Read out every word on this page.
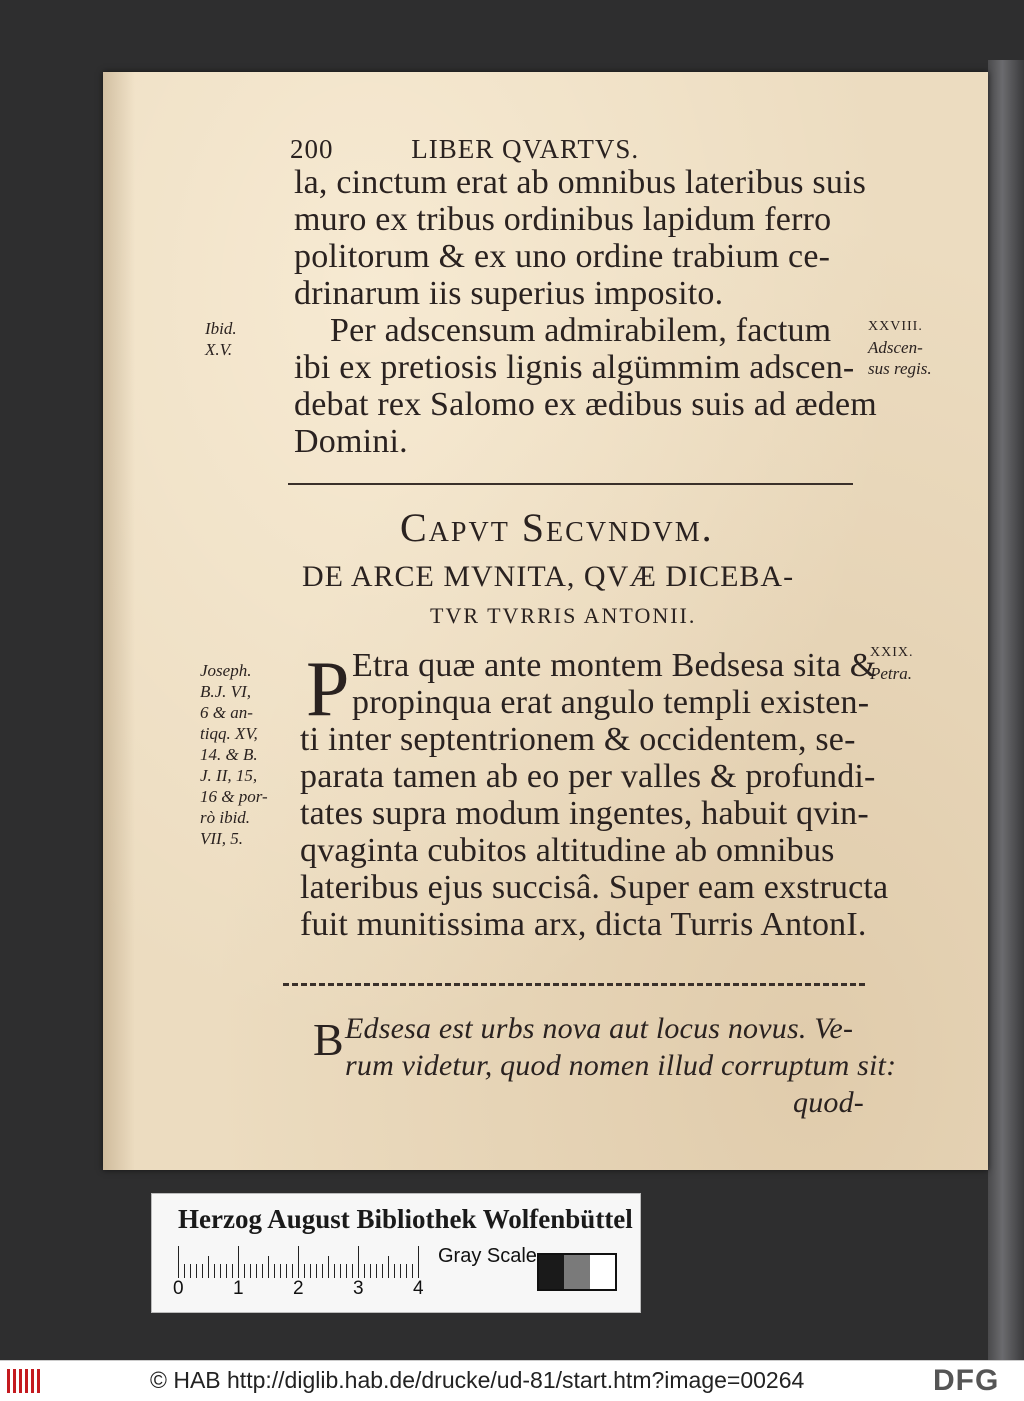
200	LIBER QVARTVS.
la, cinctum erat ab omnibus lateribus suis
muro ex tribus ordinibus lapidum ferro
politorum & ex uno ordine trabium ce-
drinarum iis superius imposito.
Per adscensum admirabilem, factum
ibi ex pretiosis lignis algümmim adscen-
debat rex Salomo ex ædibus suis ad ædem
Domini.
Ibid.
X.V.
XXVIII.
Adscen-
sus regis.
Capvt Secvndvm.
DE ARCE MVNITA, QVÆ DICEBA-
TVR TVRRIS ANTONII.
P Etra quæ ante montem Bedsesa sita &
propinqua erat angulo templi existen-
ti inter septentrionem & occidentem, se-
parata tamen ab eo per valles & profundi-
tates supra modum ingentes, habuit qvin-
qvaginta cubitos altitudine ab omnibus
lateribus ejus succisâ. Super eam exstructa
fuit munitissima arx, dicta Turris AntonI.
Joseph.
B.J. VI,
6 & an-
tiqq. XV,
14. & B.
J. II, 15,
16 & por-
rò ibid.
VII, 5.
XXIX.
Petra.
B Edsesa est urbs nova aut locus novus. Ve-
rum videtur, quod nomen illud corruptum sit:
quod-
Herzog August Bibliothek Wolfenbüttel
0	1	2	3	4
Gray Scale
© HAB http://diglib.hab.de/drucke/ud-81/start.htm?image=00264	DFG
